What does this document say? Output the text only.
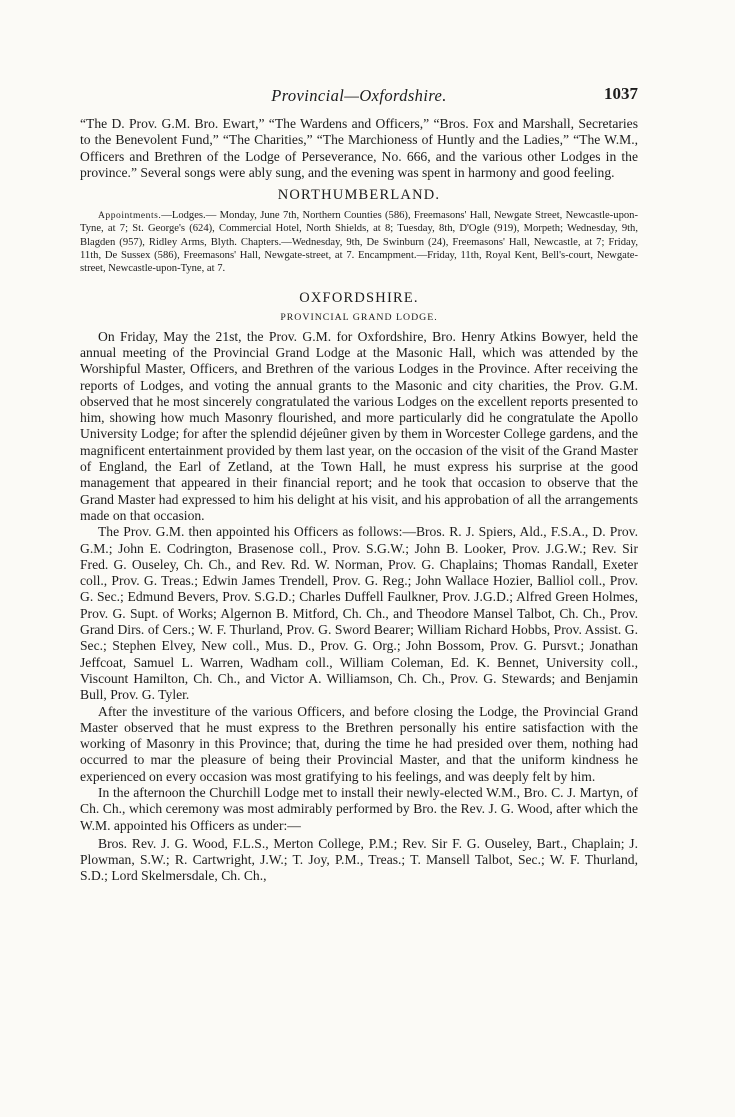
Provincial—Oxfordshire.	1037

“The D. Prov. G.M. Bro. Ewart,” “The Wardens and Officers,” “Bros. Fox and Marshall, Secretaries to the Benevolent Fund,” “The Charities,” “The Marchioness of Huntly and the Ladies,” “The W.M., Officers and Brethren of the Lodge of Perseverance, No. 666, and the various other Lodges in the province.” Several songs were ably sung, and the evening was spent in harmony and good feeling.

NORTHUMBERLAND.

Appointments.—Lodges.— Monday, June 7th, Northern Counties (586), Freemasons' Hall, Newgate Street, Newcastle-upon-Tyne, at 7; St. George's (624), Commercial Hotel, North Shields, at 8; Tuesday, 8th, D'Ogle (919), Morpeth; Wednesday, 9th, Blagden (957), Ridley Arms, Blyth. Chapters.—Wednesday, 9th, De Swinburn (24), Freemasons' Hall, Newcastle, at 7; Friday, 11th, De Sussex (586), Freemasons' Hall, Newgate-street, at 7. Encampment.—Friday, 11th, Royal Kent, Bell's-court, Newgate-street, Newcastle-upon-Tyne, at 7.

OXFORDSHIRE.
PROVINCIAL GRAND LODGE.

On Friday, May the 21st, the Prov. G.M. for Oxfordshire, Bro. Henry Atkins Bowyer, held the annual meeting of the Provincial Grand Lodge at the Masonic Hall, which was attended by the Worshipful Master, Officers, and Brethren of the various Lodges in the Province. After receiving the reports of Lodges, and voting the annual grants to the Masonic and city charities, the Prov. G.M. observed that he most sincerely congratulated the various Lodges on the excellent reports presented to him, showing how much Masonry flourished, and more particularly did he congratulate the Apollo University Lodge; for after the splendid déjeûner given by them in Worcester College gardens, and the magnificent entertainment provided by them last year, on the occasion of the visit of the Grand Master of England, the Earl of Zetland, at the Town Hall, he must express his surprise at the good management that appeared in their financial report; and he took that occasion to observe that the Grand Master had expressed to him his delight at his visit, and his approbation of all the arrangements made on that occasion.

The Prov. G.M. then appointed his Officers as follows:—Bros. R. J. Spiers, Ald., F.S.A., D. Prov. G.M.; John E. Codrington, Brasenose coll., Prov. S.G.W.; John B. Looker, Prov. J.G.W.; Rev. Sir Fred. G. Ouseley, Ch. Ch., and Rev. Rd. W. Norman, Prov. G. Chaplains; Thomas Randall, Exeter coll., Prov. G. Treas.; Edwin James Trendell, Prov. G. Reg.; John Wallace Hozier, Balliol coll., Prov. G. Sec.; Edmund Bevers, Prov. S.G.D.; Charles Duffell Faulkner, Prov. J.G.D.; Alfred Green Holmes, Prov. G. Supt. of Works; Algernon B. Mitford, Ch. Ch., and Theodore Mansel Talbot, Ch. Ch., Prov. Grand Dirs. of Cers.; W. F. Thurland, Prov. G. Sword Bearer; William Richard Hobbs, Prov. Assist. G. Sec.; Stephen Elvey, New coll., Mus. D., Prov. G. Org.; John Bossom, Prov. G. Pursvt.; Jonathan Jeffcoat, Samuel L. Warren, Wadham coll., William Coleman, Ed. K. Bennet, University coll., Viscount Hamilton, Ch. Ch., and Victor A. Williamson, Ch. Ch., Prov. G. Stewards; and Benjamin Bull, Prov. G. Tyler.

After the investiture of the various Officers, and before closing the Lodge, the Provincial Grand Master observed that he must express to the Brethren personally his entire satisfaction with the working of Masonry in this Province; that, during the time he had presided over them, nothing had occurred to mar the pleasure of being their Provincial Master, and that the uniform kindness he experienced on every occasion was most gratifying to his feelings, and was deeply felt by him.

In the afternoon the Churchill Lodge met to install their newly-elected W.M., Bro. C. J. Martyn, of Ch. Ch., which ceremony was most admirably performed by Bro. the Rev. J. G. Wood, after which the W.M. appointed his Officers as under:—

Bros. Rev. J. G. Wood, F.L.S., Merton College, P.M.; Rev. Sir F. G. Ouseley, Bart., Chaplain; J. Plowman, S.W.; R. Cartwright, J.W.; T. Joy, P.M., Treas.; T. Mansell Talbot, Sec.; W. F. Thurland, S.D.; Lord Skelmersdale, Ch. Ch.,
